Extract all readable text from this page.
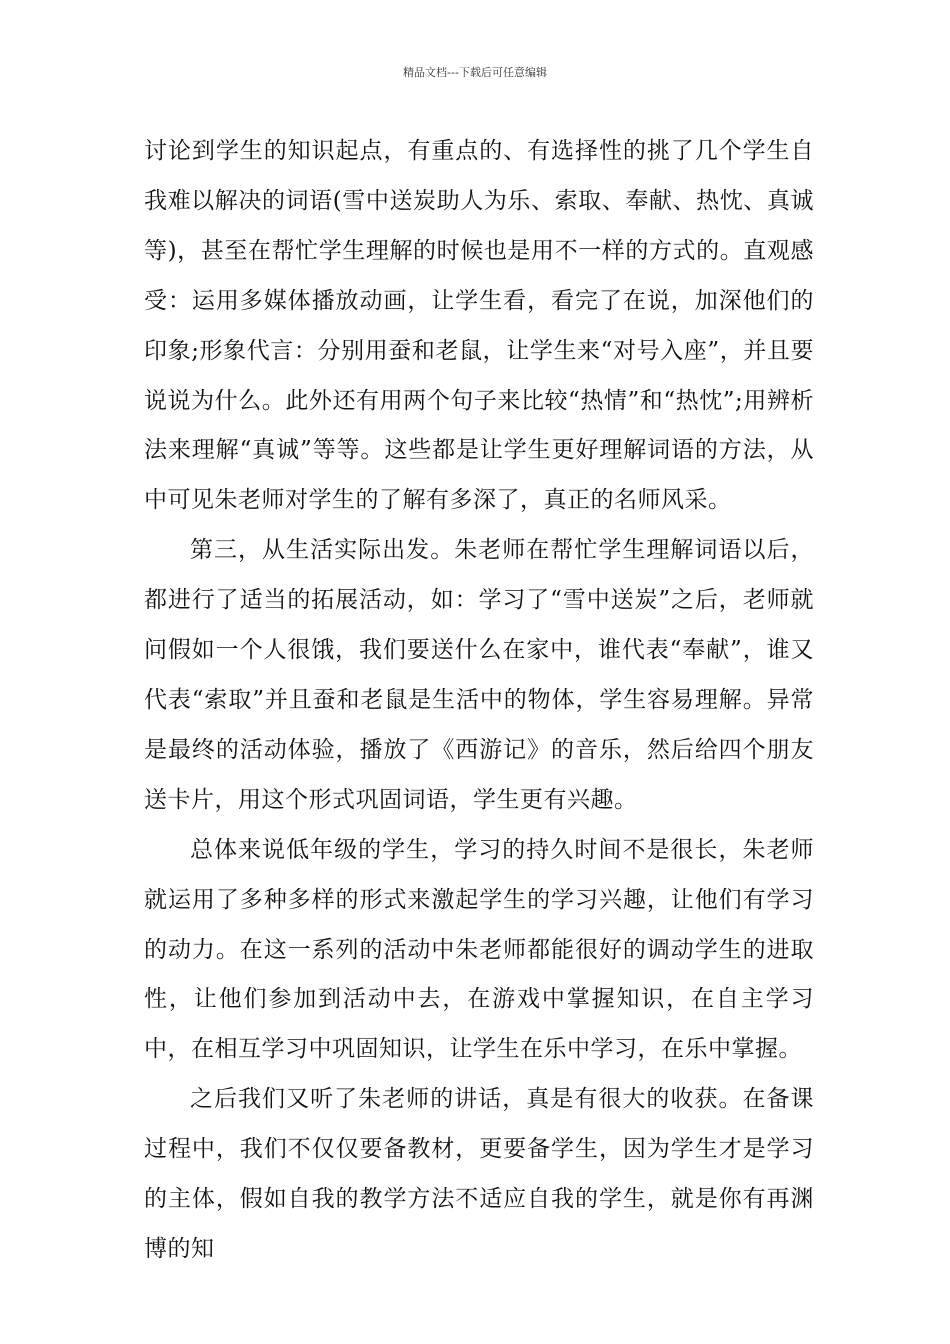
精品文档---下载后可任意编辑

讨论到学生的知识起点，有重点的、有选择性的挑了几个学生自我难以解决的词语(雪中送炭助人为乐、索取、奉献、热忱、真诚等)，甚至在帮忙学生理解的时候也是用不一样的方式的。直观感受：运用多媒体播放动画，让学生看，看完了在说，加深他们的印象;形象代言：分别用蚕和老鼠，让学生来“对号入座”，并且要说说为什么。此外还有用两个句子来比较“热情”和“热忱”;用辨析法来理解“真诚”等等。这些都是让学生更好理解词语的方法，从中可见朱老师对学生的了解有多深了，真正的名师风采。

第三，从生活实际出发。朱老师在帮忙学生理解词语以后，都进行了适当的拓展活动，如：学习了“雪中送炭”之后，老师就问假如一个人很饿，我们要送什么在家中，谁代表“奉献”，谁又代表“索取”并且蚕和老鼠是生活中的物体，学生容易理解。异常是最终的活动体验，播放了《西游记》的音乐，然后给四个朋友送卡片，用这个形式巩固词语，学生更有兴趣。

总体来说低年级的学生，学习的持久时间不是很长，朱老师就运用了多种多样的形式来激起学生的学习兴趣，让他们有学习的动力。在这一系列的活动中朱老师都能很好的调动学生的进取性，让他们参加到活动中去，在游戏中掌握知识，在自主学习中，在相互学习中巩固知识，让学生在乐中学习，在乐中掌握。

之后我们又听了朱老师的讲话，真是有很大的收获。在备课过程中，我们不仅仅要备教材，更要备学生，因为学生才是学习的主体，假如自我的教学方法不适应自我的学生，就是你有再渊博的知
